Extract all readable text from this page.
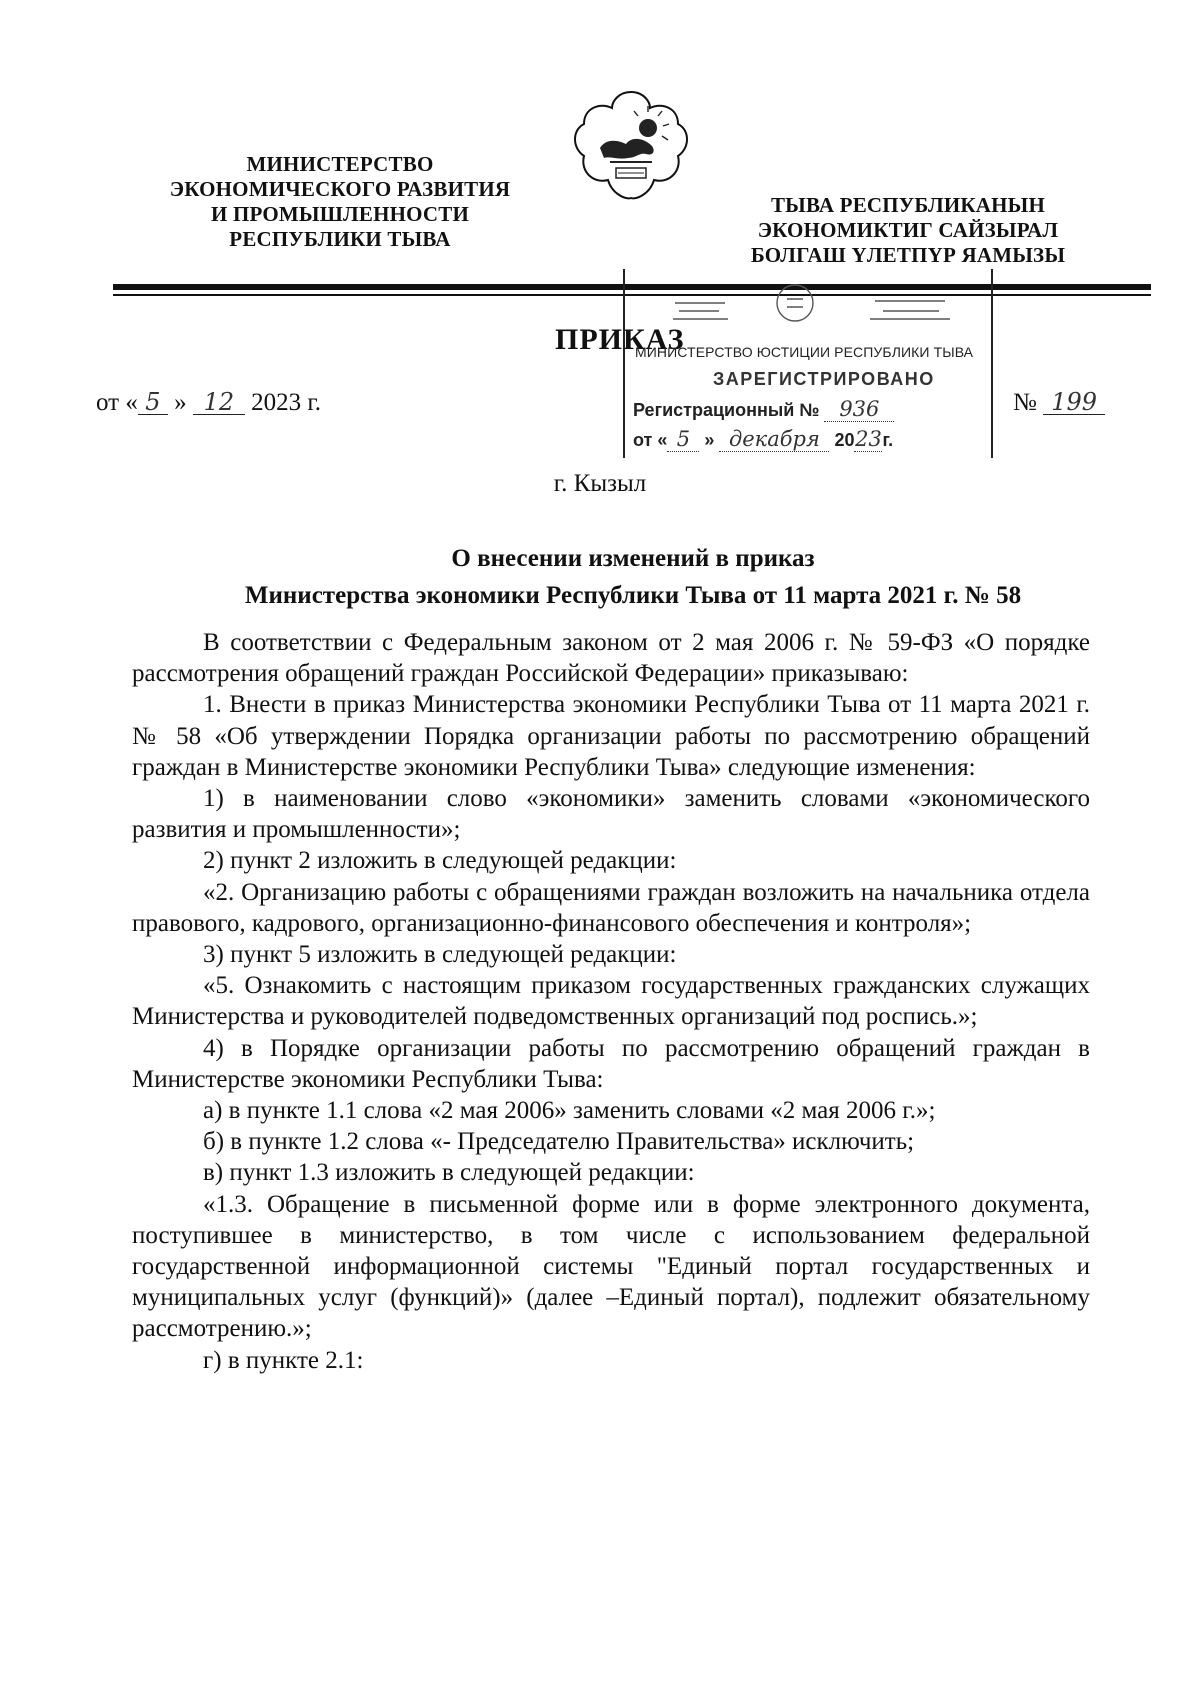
МИНИСТЕРСТВО
ЭКОНОМИЧЕСКОГО РАЗВИТИЯ
И ПРОМЫШЛЕННОСТИ
РЕСПУБЛИКИ ТЫВА
ТЫВА РЕСПУБЛИКАНЫН
ЭКОНОМИКТИГ САЙЗЫРАЛ
БОЛГАШ ҮЛЕТПҮР ЯАМЫЗЫ
ПРИКАЗ
МИНИСТЕРСТВО ЮСТИЦИИ РЕСПУБЛИКИ ТЫВА
ЗАРЕГИСТРИРОВАНО
Регистрационный № 936
от « 5 » декабря 2023г.
от « 5 » 12 2023 г.	№ 199
г. Кызыл
О внесении изменений в приказ
Министерства экономики Республики Тыва от 11 марта 2021 г. № 58

В соответствии с Федеральным законом от 2 мая 2006 г. № 59-ФЗ «О порядке рассмотрения обращений граждан Российской Федерации» приказываю:

1. Внести в приказ Министерства экономики Республики Тыва от 11 марта 2021 г. № 58 «Об утверждении Порядка организации работы по рассмотрению обращений граждан в Министерстве экономики Республики Тыва» следующие изменения:

1) в наименовании слово «экономики» заменить словами «экономического развития и промышленности»;

2) пункт 2 изложить в следующей редакции:

«2. Организацию работы с обращениями граждан возложить на начальника отдела правового, кадрового, организационно-финансового обеспечения и контроля»;

3) пункт 5 изложить в следующей редакции:

«5. Ознакомить с настоящим приказом государственных гражданских служащих Министерства и руководителей подведомственных организаций под роспись.»;

4) в Порядке организации работы по рассмотрению обращений граждан в Министерстве экономики Республики Тыва:

а) в пункте 1.1 слова «2 мая 2006» заменить словами «2 мая 2006 г.»;

б) в пункте 1.2 слова «- Председателю Правительства» исключить;

в) пункт 1.3 изложить в следующей редакции:

«1.3. Обращение в письменной форме или в форме электронного документа, поступившее в министерство, в том числе с использованием федеральной государственной информационной системы "Единый портал государственных и муниципальных услуг (функций)» (далее –Единый портал), подлежит обязательному рассмотрению.»;

г) в пункте 2.1:
